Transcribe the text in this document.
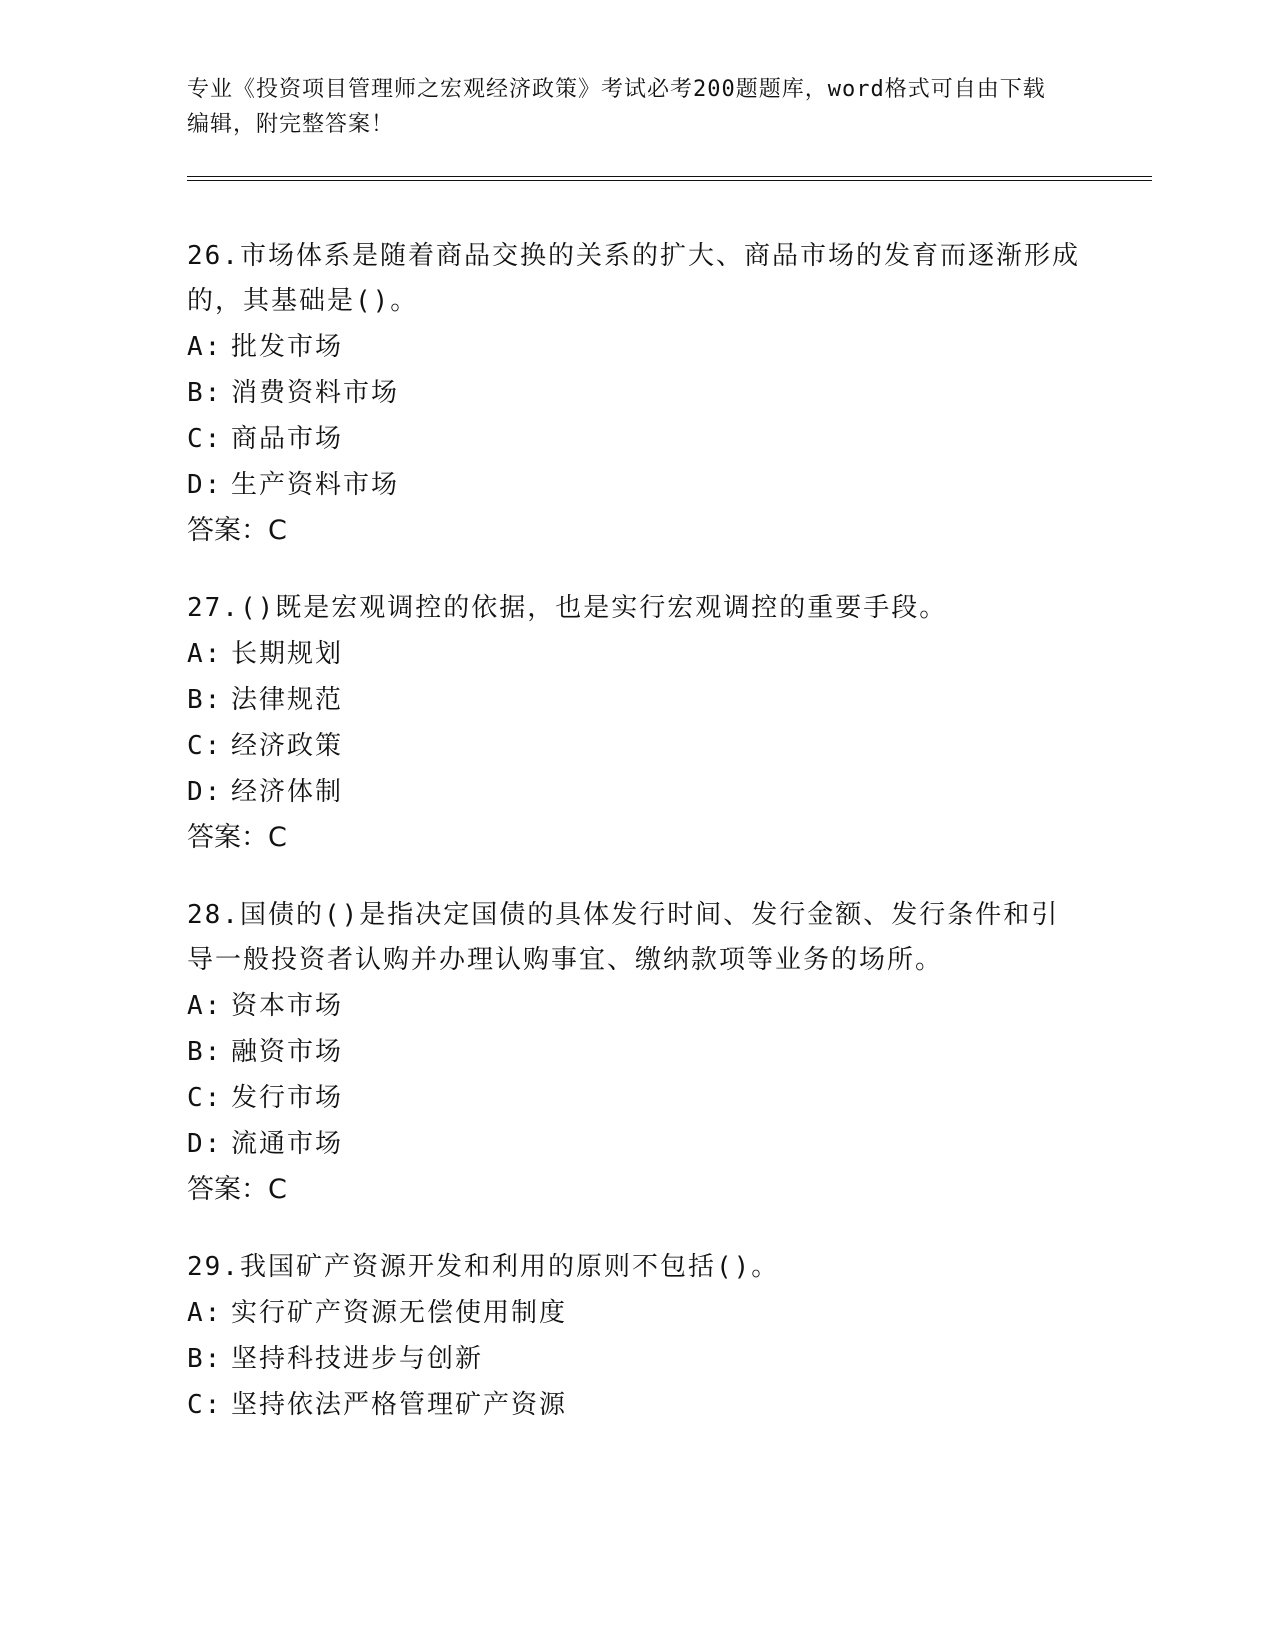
专业《投资项目管理师之宏观经济政策》考试必考200题题库，word格式可自由下载编辑，附完整答案！
26.市场体系是随着商品交换的关系的扩大、商品市场的发育而逐渐形成的，其基础是()。
A: 批发市场
B: 消费资料市场
C: 商品市场
D: 生产资料市场
答案：C
27.()既是宏观调控的依据，也是实行宏观调控的重要手段。
A: 长期规划
B: 法律规范
C: 经济政策
D: 经济体制
答案：C
28.国债的()是指决定国债的具体发行时间、发行金额、发行条件和引导一般投资者认购并办理认购事宜、缴纳款项等业务的场所。
A: 资本市场
B: 融资市场
C: 发行市场
D: 流通市场
答案：C
29.我国矿产资源开发和利用的原则不包括()。
A: 实行矿产资源无偿使用制度
B: 坚持科技进步与创新
C: 坚持依法严格管理矿产资源
